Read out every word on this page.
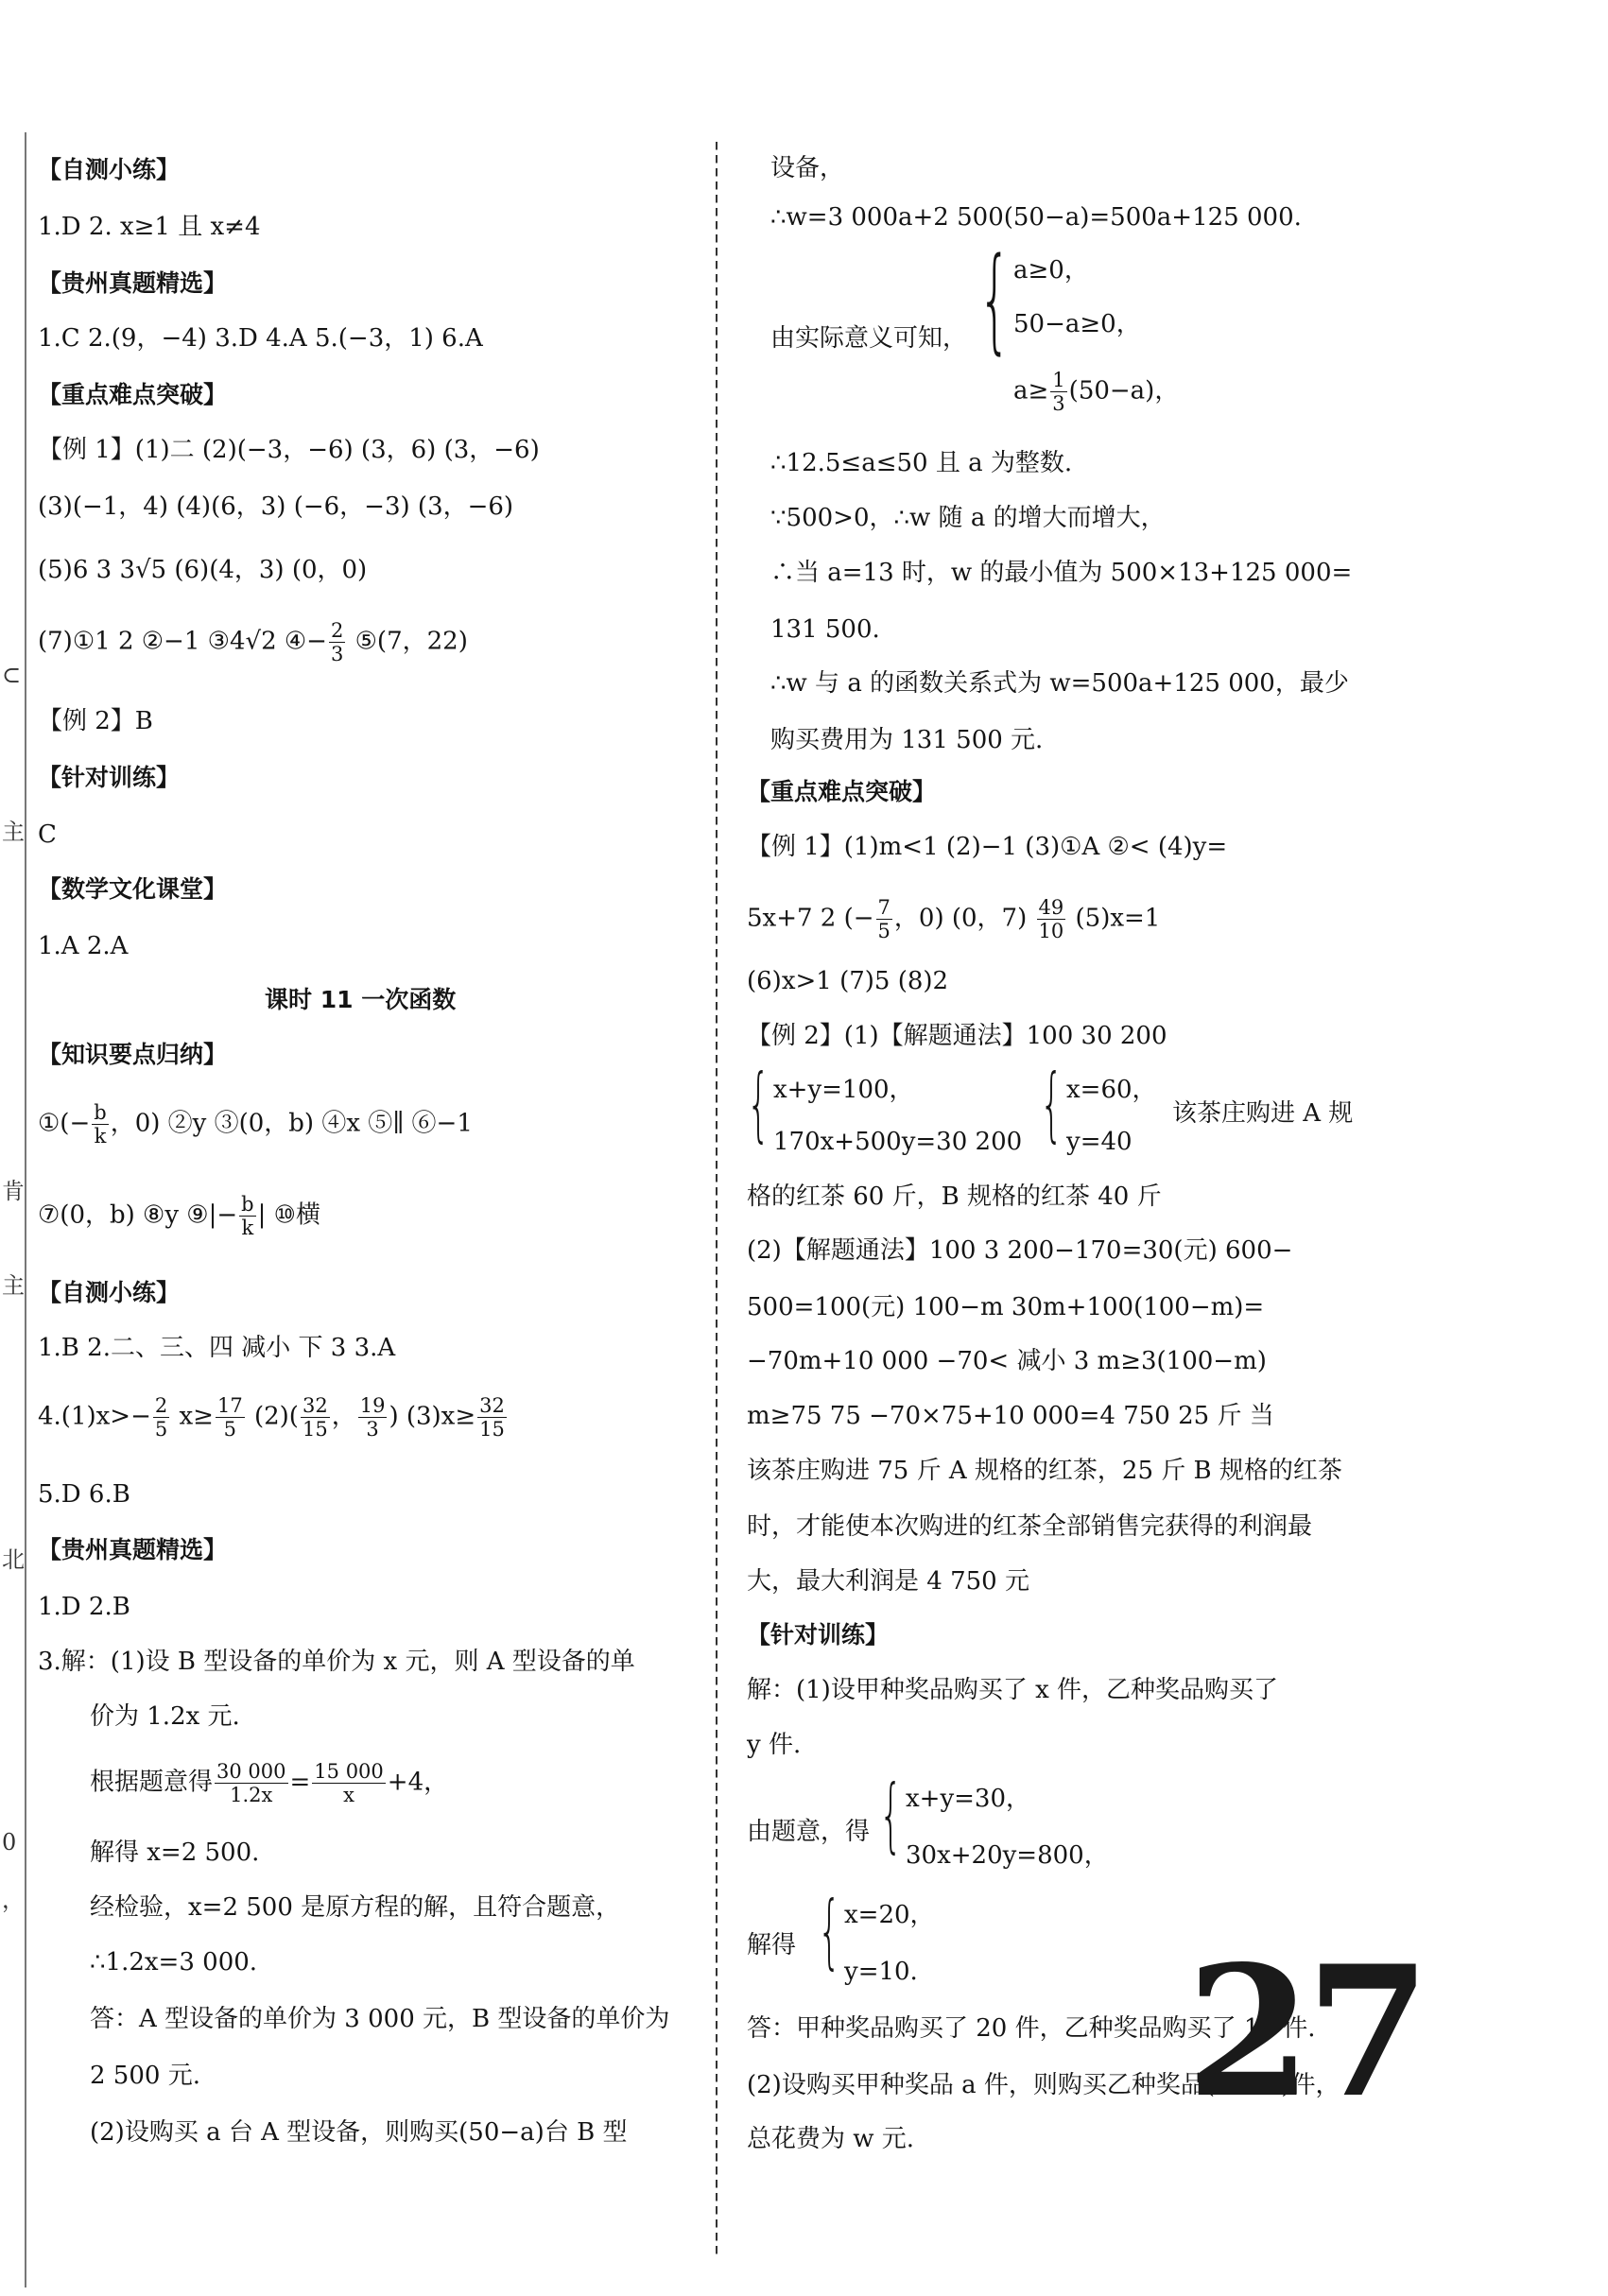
⊂
主
肯
主
北
0
，
【自测小练】
1.D 2. x≥1 且 x≠4
【贵州真题精选】
1.C 2.(9，−4) 3.D 4.A 5.(−3，1) 6.A
【重点难点突破】
【例 1】(1)二 (2)(−3，−6) (3，6) (3，−6)
(3)(−1，4) (4)(6，3) (−6，−3) (3，−6)
(5)6 3 3√5 (6)(4，3) (0，0)
(7)①1 2 ②−1 ③4√2 ④− $\frac{2}{3}$ ⑤(7，22)
【例 2】B
【针对训练】
C
【数学文化课堂】
1.A 2.A
课时 11 一次函数
【知识要点归纳】
①(− $\frac{b}{k}$ ，0) ②y ③(0，b) ④x ⑤∥ ⑥−1
⑦(0，b) ⑧y ⑨|− $\frac{b}{k}$ | ⑩横
【自测小练】
1.B 2.二、三、四 减小 下 3 3.A
$4.(1)x>- \frac{2}{5} x\ge \frac{17}{5} (2)( \frac{32}{15}$ ， $\frac{19}{3}$ ) $(3)x\ge \frac{32}{15}$
5.D 6.B
【贵州真题精选】
1.D 2.B
3.解：(1)设 B 型设备的单价为 x 元，则 A 型设备的单
价为 1.2x 元.
根据题意得 $\frac{30 000}{1.2x} = \frac{15 000}{x} +4$，
解得 x=2 500.
经检验，x=2 500 是原方程的解，且符合题意，
∴1.2x=3 000.
答：A 型设备的单价为 3 000 元，B 型设备的单价为
2 500 元.
(2)设购买 a 台 A 型设备，则购买(50−a)台 B 型
设备，
∴w=3 000a+2 500(50−a)=500a+125 000.
由实际意义可知， { a≥0，
50−a≥0，
$a\ge \frac{1}{3} (50-a)$，
∴12.5≤a≤50 且 a 为整数.
∵500>0，∴w 随 a 的增大而增大，
∴当 a=13 时，w 的最小值为 500×13+125 000=
131 500.
∴w 与 a 的函数关系式为 w=500a+125 000，最少
购买费用为 131 500 元.
【重点难点突破】
【例 1】(1)m<1 (2)−1 (3)①A ②< (4)y=
5x+7 2 (− $\frac{7}{5}$ ，0) (0，$7) \frac{49}{10} (5)x=1$
(6)x>1 (7)5 (8)2
【例 2】(1)【解题通法】100 30 200
{ x+y=100，
170x+500y=30 200 { x=60，
y=40
该茶庄购进 A 规
格的红茶 60 斤，B 规格的红茶 40 斤
(2)【解题通法】100 3 200−170=30(元) 600−
500=100(元) 100−m 30m+100(100−m)=
−70m+10 000 −70< 减小 3 m≥3(100−m)
m≥75 75 −70×75+10 000=4 750 25 斤 当
该茶庄购进 75 斤 A 规格的红茶，25 斤 B 规格的红茶
时，才能使本次购进的红茶全部销售完获得的利润最
大，最大利润是 4 750 元
【针对训练】
解：(1)设甲种奖品购买了 x 件，乙种奖品购买了
y 件.
由题意，得 { x+y=30，
30x+20y=800，
解得 { x=20，
y=10.
答：甲种奖品购买了 20 件，乙种奖品购买了 10 件.
(2)设购买甲种奖品 a 件，则购买乙种奖品(30−a)件，
总花费为 w 元.
27
